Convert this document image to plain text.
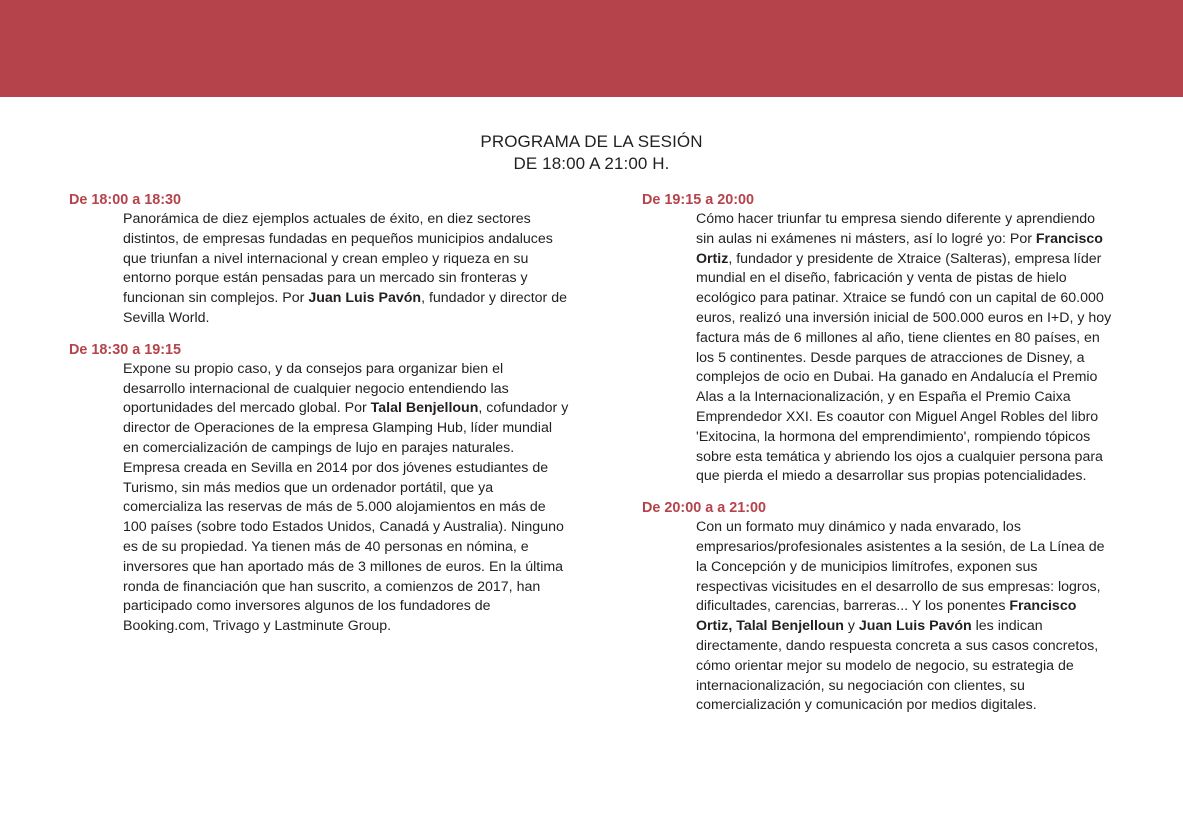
PROGRAMA DE LA SESIÓN
DE 18:00 A 21:00 H.
De 18:00 a 18:30
Panorámica de diez ejemplos actuales de éxito, en diez sectores distintos, de empresas fundadas en pequeños municipios andaluces que triunfan a nivel internacional y crean empleo y riqueza en su entorno porque están pensadas para un mercado sin fronteras y funcionan sin complejos. Por Juan Luis Pavón, fundador y director de Sevilla World.
De 18:30 a 19:15
Expone su propio caso, y da consejos para organizar bien el desarrollo internacional de cualquier negocio entendiendo las oportunidades del mercado global. Por Talal Benjelloun, cofundador y director de Operaciones de la empresa Glamping Hub, líder mundial en comercialización de campings de lujo en parajes naturales. Empresa creada en Sevilla en 2014 por dos jóvenes estudiantes de Turismo, sin más medios que un ordenador portátil, que ya comercializa las reservas de más de 5.000 alojamientos en más de 100 países (sobre todo Estados Unidos, Canadá y Australia). Ninguno es de su propiedad. Ya tienen más de 40 personas en nómina, e inversores que han aportado más de 3 millones de euros. En la última ronda de financiación que han suscrito, a comienzos de 2017, han participado como inversores algunos de los fundadores de Booking.com, Trivago y Lastminute Group.
De 19:15 a 20:00
Cómo hacer triunfar tu empresa siendo diferente y aprendiendo sin aulas ni exámenes ni másters, así lo logré yo: Por Francisco Ortiz, fundador y presidente de Xtraice (Salteras), empresa líder mundial en el diseño, fabricación y venta de pistas de hielo ecológico para patinar. Xtraice se fundó con un capital de 60.000 euros, realizó una inversión inicial de 500.000 euros en I+D, y hoy factura más de 6 millones al año, tiene clientes en 80 países, en los 5 continentes. Desde parques de atracciones de Disney, a complejos de ocio en Dubai. Ha ganado en Andalucía el Premio Alas a la Internacionalización, y en España el Premio Caixa Emprendedor XXI. Es coautor con Miguel Angel Robles del libro 'Exitocina, la hormona del emprendimiento', rompiendo tópicos sobre esta temática y abriendo los ojos a cualquier persona para que pierda el miedo a desarrollar sus propias potencialidades.
De 20:00 a a 21:00
Con un formato muy dinámico y nada envarado, los empresarios/profesionales asistentes a la sesión, de La Línea de la Concepción y de municipios limítrofes, exponen sus respectivas vicisitudes en el desarrollo de sus empresas: logros, dificultades, carencias, barreras... Y los ponentes Francisco Ortiz, Talal Benjelloun y Juan Luis Pavón les indican directamente, dando respuesta concreta a sus casos concretos, cómo orientar mejor su modelo de negocio, su estrategia de internacionalización, su negociación con clientes, su comercialización y comunicación por medios digitales.
